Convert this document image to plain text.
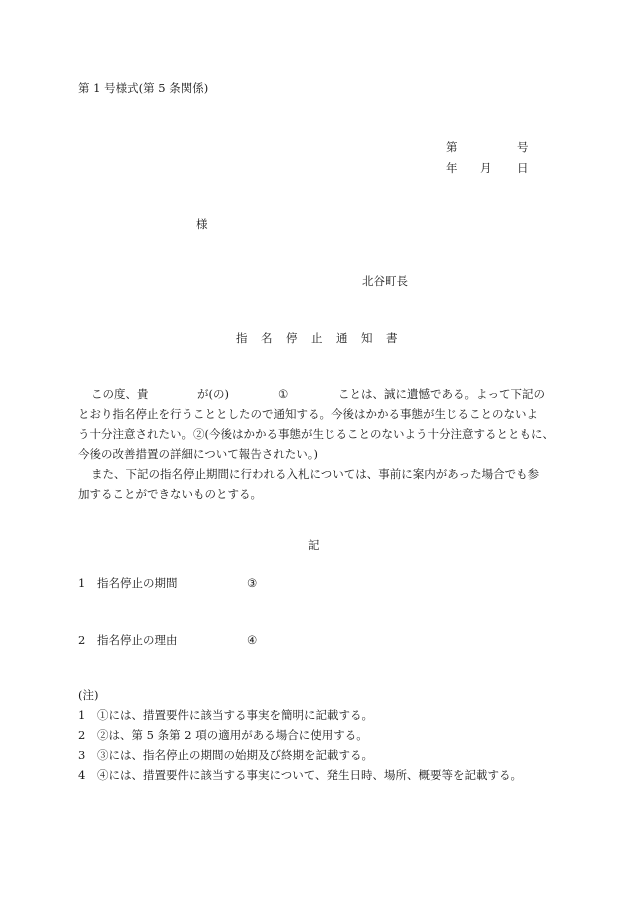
第 1 号様式(第 5 条関係)
第	号
年 月 日
様
北谷町長
指 名 停 止 通 知 書
この度、貴	が(の)	①	ことは、誠に遺憾である。よって下記の
とおり指名停止を行うこととしたので通知する。今後はかかる事態が生じることのないよ
う十分注意されたい。②(今後はかかる事態が生じることのないよう十分注意するとともに、
今後の改善措置の詳細について報告されたい。)
また、下記の指名停止期間に行われる入札については、事前に案内があった場合でも参
加することができないものとする。
記
1 指名停止の期間	③
2 指名停止の理由	④
(注)
1 ①には、措置要件に該当する事実を簡明に記載する。
2 ②は、第 5 条第 2 項の適用がある場合に使用する。
3 ③には、指名停止の期間の始期及び終期を記載する。
4 ④には、措置要件に該当する事実について、発生日時、場所、概要等を記載する。
